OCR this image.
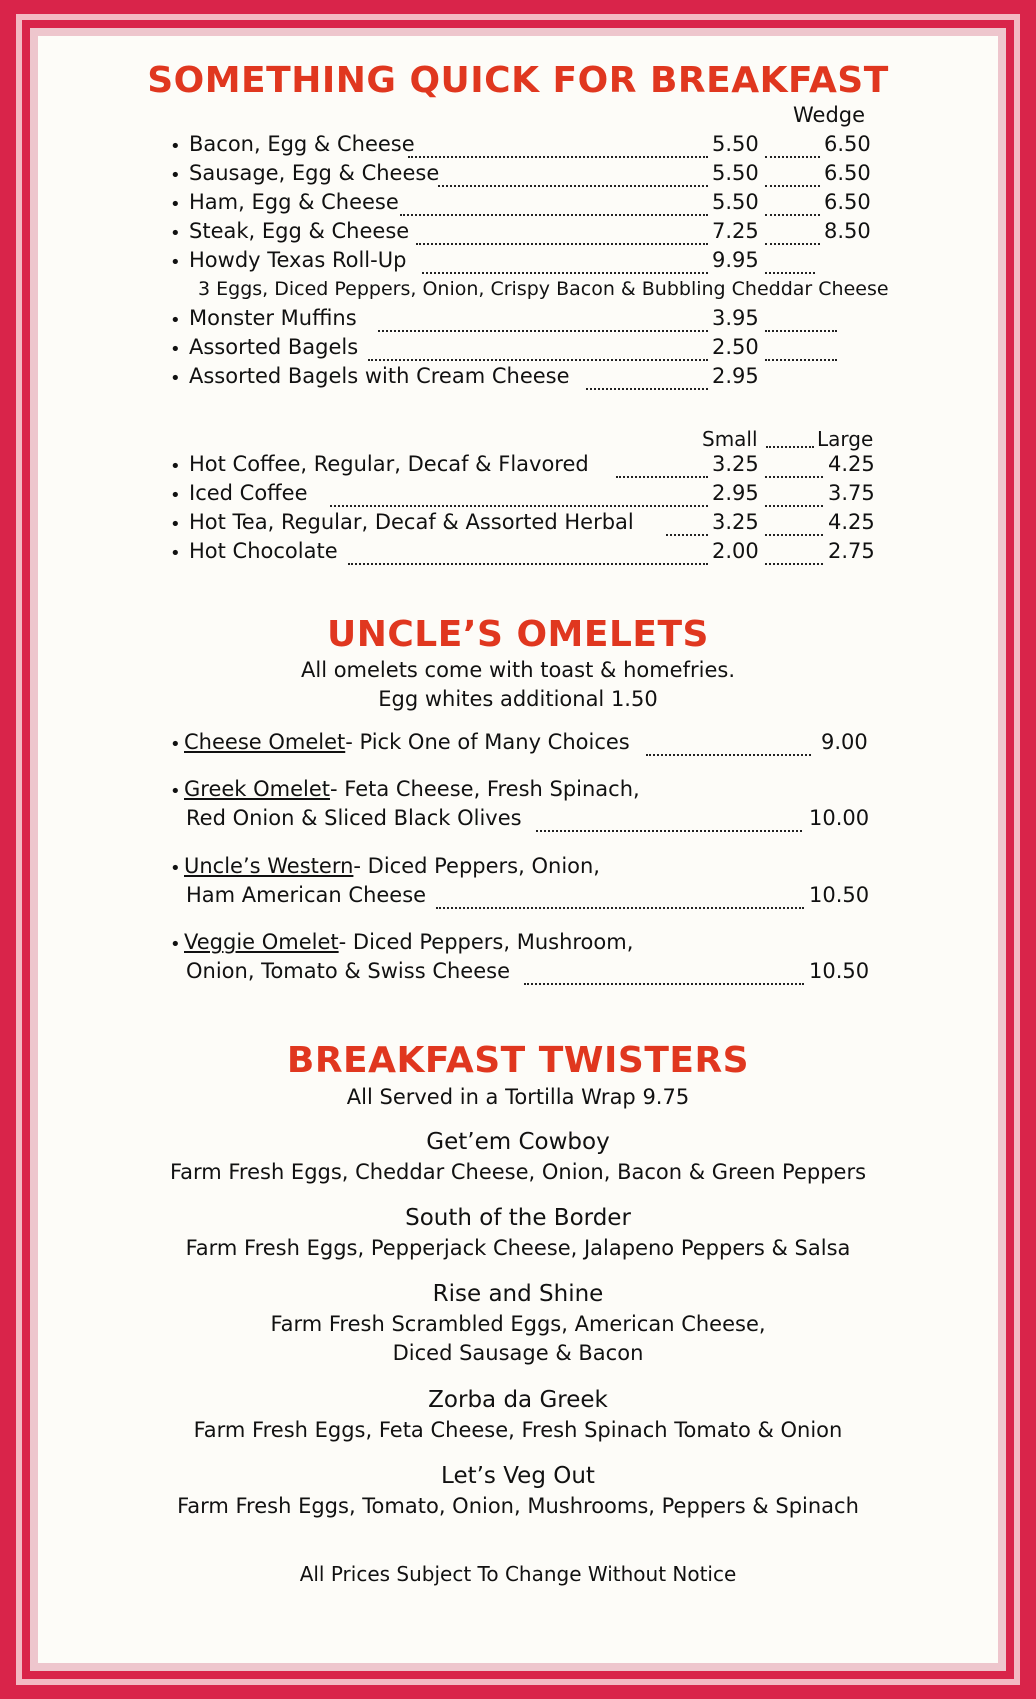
SOMETHING QUICK FOR BREAKFAST
Wedge
• Bacon, Egg & Cheese	5.50	6.50
• Sausage, Egg & Cheese	5.50	6.50
• Ham, Egg & Cheese	5.50	6.50
• Steak, Egg & Cheese	7.25	8.50
• Howdy Texas Roll-Up	9.95
3 Eggs, Diced Peppers, Onion, Crispy Bacon & Bubbling Cheddar Cheese
• Monster Muffins	3.95
• Assorted Bagels	2.50
• Assorted Bagels with Cream Cheese	2.95
Small	Large
• Hot Coffee, Regular, Decaf & Flavored	3.25	4.25
• Iced Coffee	2.95	3.75
• Hot Tea, Regular, Decaf & Assorted Herbal	3.25	4.25
• Hot Chocolate	2.00	2.75
UNCLE’S OMELETS
All omelets come with toast & homefries.
Egg whites additional 1.50
• Cheese Omelet- Pick One of Many Choices	9.00
• Greek Omelet- Feta Cheese, Fresh Spinach,
Red Onion & Sliced Black Olives	10.00
• Uncle’s Western- Diced Peppers, Onion,
Ham American Cheese	10.50
• Veggie Omelet- Diced Peppers, Mushroom,
Onion, Tomato & Swiss Cheese	10.50
BREAKFAST TWISTERS
All Served in a Tortilla Wrap 9.75
Get’em Cowboy
Farm Fresh Eggs, Cheddar Cheese, Onion, Bacon & Green Peppers
South of the Border
Farm Fresh Eggs, Pepperjack Cheese, Jalapeno Peppers & Salsa
Rise and Shine
Farm Fresh Scrambled Eggs, American Cheese,
Diced Sausage & Bacon
Zorba da Greek
Farm Fresh Eggs, Feta Cheese, Fresh Spinach Tomato & Onion
Let’s Veg Out
Farm Fresh Eggs, Tomato, Onion, Mushrooms, Peppers & Spinach
All Prices Subject To Change Without Notice
